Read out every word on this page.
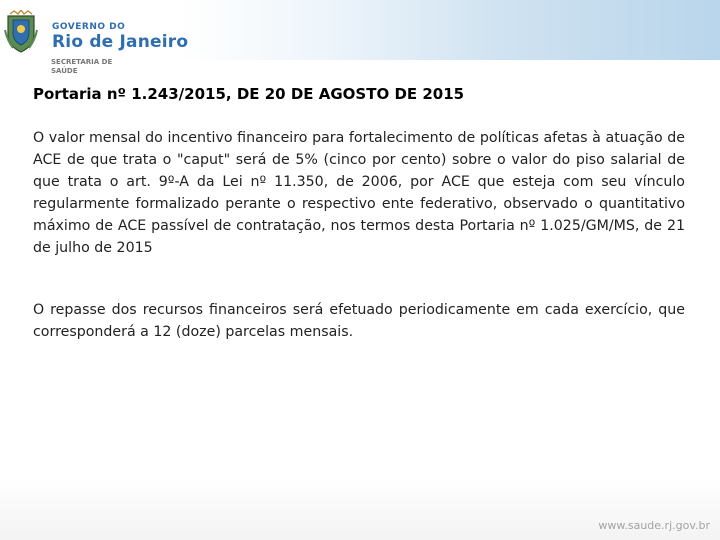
GOVERNO DO
Rio de Janeiro
SECRETARIA DE
SAÚDE
Portaria nº 1.243/2015, DE 20 DE AGOSTO DE 2015

O valor mensal do incentivo financeiro para fortalecimento de políticas afetas à atuação de ACE de que trata o "caput" será de 5% (cinco por cento) sobre o valor do piso salarial de que trata o art. 9º-A da Lei nº 11.350, de 2006, por ACE que esteja com seu vínculo regularmente formalizado perante o respectivo ente federativo, observado o quantitativo máximo de ACE passível de contratação, nos termos desta Portaria nº 1.025/GM/MS, de 21 de julho de 2015

O repasse dos recursos financeiros será efetuado periodicamente em cada exercício, que corresponderá a 12 (doze) parcelas mensais.

www.saude.rj.gov.br
